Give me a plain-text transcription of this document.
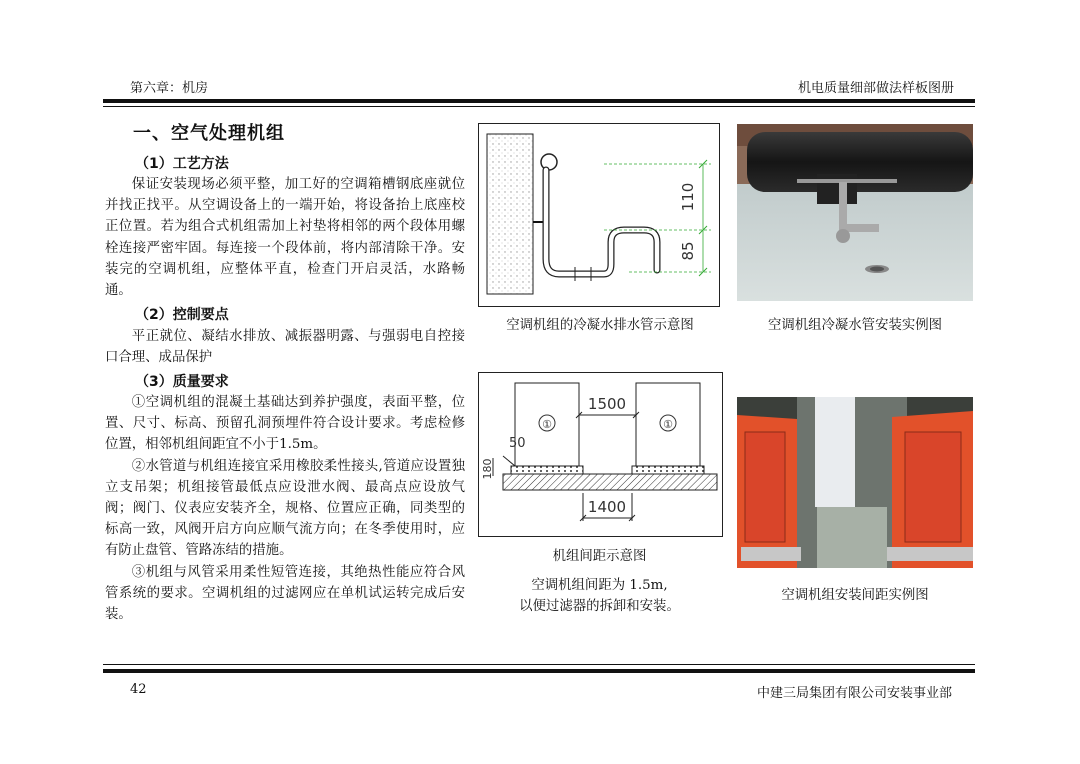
第六章：机房	机电质量细部做法样板图册
一、空气处理机组
（1）工艺方法

保证安装现场必须平整，加工好的空调箱槽钢底座就位并找正找平。从空调设备上的一端开始，将设备抬上底座校正位置。若为组合式机组需加上衬垫将相邻的两个段体用螺栓连接严密牢固。每连接一个段体前，将内部清除干净。安装完的空调机组，应整体平直，检查门开启灵活，水路畅通。

（2）控制要点

平正就位、凝结水排放、减振器明露、与强弱电自控接口合理、成品保护

（3）质量要求

①空调机组的混凝土基础达到养护强度，表面平整，位置、尺寸、标高、预留孔洞预埋件符合设计要求。考虑检修位置，相邻机组间距宜不小于1.5m。

②水管道与机组连接宜采用橡胶柔性接头,管道应设置独立支吊架；机组接管最低点应设泄水阀、最高点应设放气阀；阀门、仪表应安装齐全，规格、位置应正确，同类型的标高一致，风阀开启方向应顺气流方向；在冬季使用时，应有防止盘管、管路冻结的措施。

③机组与风管采用柔性短管连接，其绝热性能应符合风管系统的要求。空调机组的过滤网应在单机试运转完成后安装。

110
85
空调机组的冷凝水排水管示意图	空调机组冷凝水管安装实例图
①	①
1500
1400
50
180
机组间距示意图
空调机组间距为 1.5m,
以便过滤器的拆卸和安装。
空调机组安装间距实例图
42	中建三局集团有限公司安装事业部
